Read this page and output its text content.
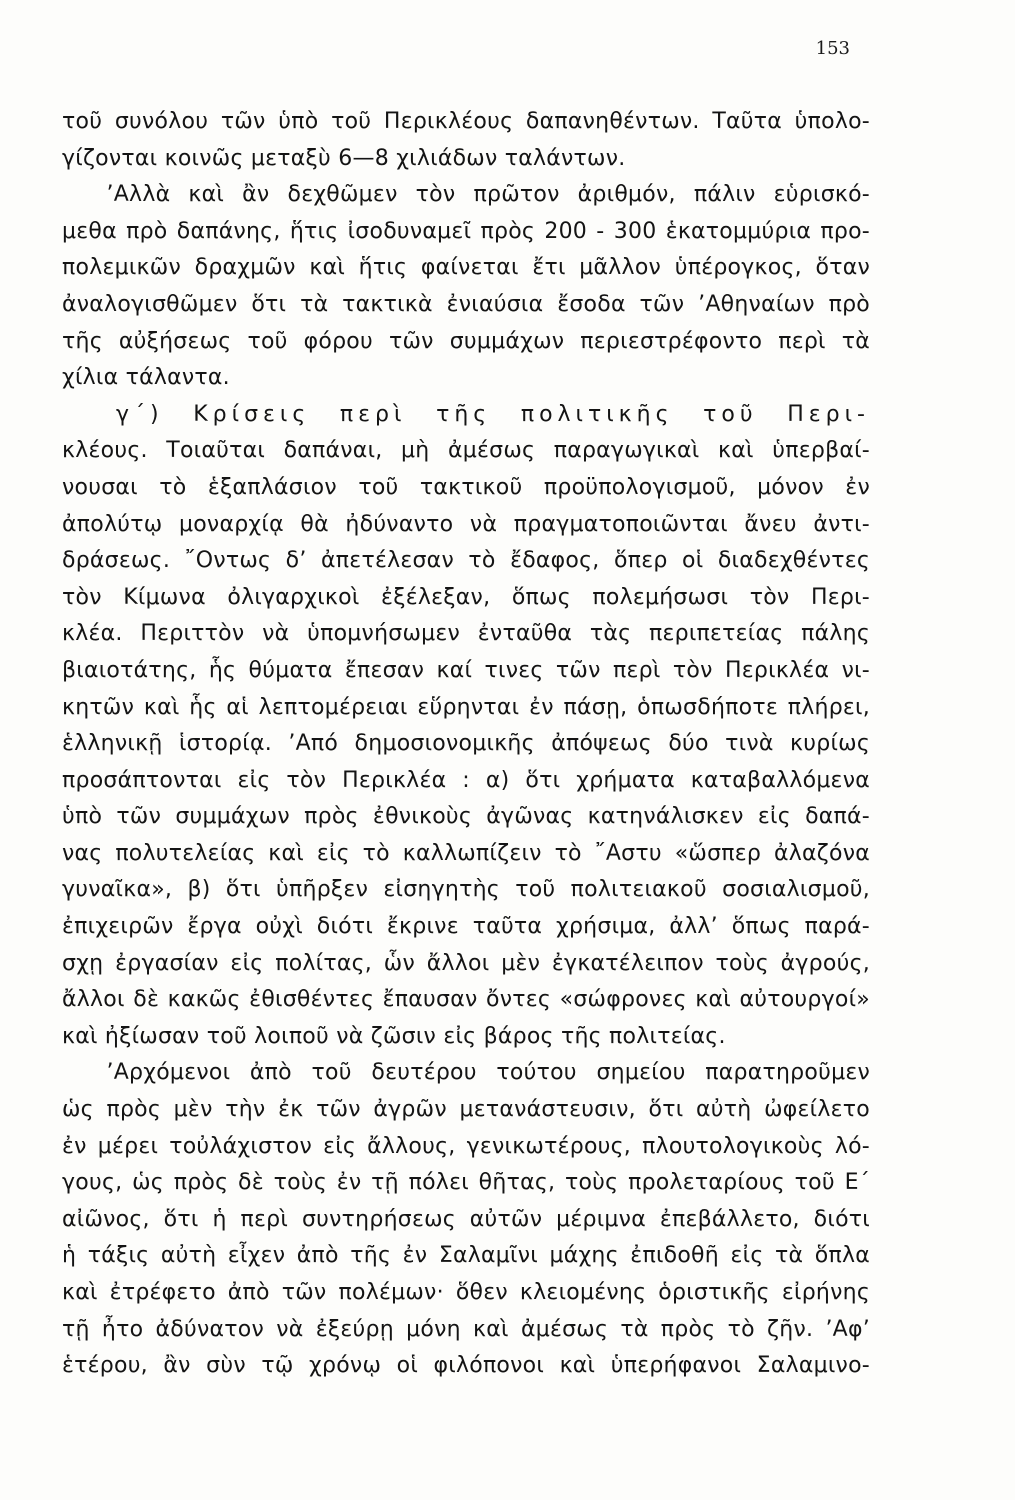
153
τοῦ συνόλου τῶν ὑπὸ τοῦ Περικλέους δαπανηθέντων. Ταῦτα ὑπολο-
γίζονται κοινῶς μεταξὺ 6—8 χιλιάδων ταλάντων.
  ’Αλλὰ καὶ ἂν δεχθῶμεν τὸν πρῶτον ἀριθμόν, πάλιν εὑρισκό-
μεθα πρὸ δαπάνης, ἥτις ἰσοδυναμεῖ πρὸς 200 - 300 ἑκατομμύρια προ-
πολεμικῶν δραχμῶν καὶ ἥτις φαίνεται ἔτι μᾶλλον ὑπέρογκος, ὅταν
ἀναλογισθῶμεν ὅτι τὰ τακτικὰ ἐνιαύσια ἔσοδα τῶν ’Αθηναίων πρὸ
τῆς αὐξήσεως τοῦ φόρου τῶν συμμάχων περιεστρέφοντο περὶ τὰ
χίλια τάλαντα.
  γ΄) Κρίσεις περὶ τῆς πολιτικῆς τοῦ Περι-
κλέους. Τοιαῦται δαπάναι, μὴ ἀμέσως παραγωγικαὶ καὶ ὑπερβαί-
νουσαι τὸ ἑξαπλάσιον τοῦ τακτικοῦ προϋπολογισμοῦ, μόνον ἐν
ἀπολύτῳ μοναρχίᾳ θὰ ἠδύναντο νὰ πραγματοποιῶνται ἄνευ ἀντι-
δράσεως. ῎Οντως δ’ ἀπετέλεσαν τὸ ἔδαφος, ὅπερ οἱ διαδεχθέντες
τὸν Κίμωνα ὀλιγαρχικοὶ ἐξέλεξαν, ὅπως πολεμήσωσι τὸν Περι-
κλέα. Περιττὸν νὰ ὑπομνήσωμεν ἐνταῦθα τὰς περιπετείας πάλης
βιαιοτάτης, ἧς θύματα ἔπεσαν καί τινες τῶν περὶ τὸν Περικλέα νι-
κητῶν καὶ ἧς αἱ λεπτομέρειαι εὕρηνται ἐν πάσῃ, ὁπωσδήποτε πλήρει,
ἑλληνικῇ ἱστορίᾳ. ’Από δημοσιονομικῆς ἀπόψεως δύο τινὰ κυρίως
προσάπτονται εἰς τὸν Περικλέα : α) ὅτι χρήματα καταβαλλόμενα
ὑπὸ τῶν συμμάχων πρὸς ἐθνικοὺς ἀγῶνας κατηνάλισκεν εἰς δαπά-
νας πολυτελείας καὶ εἰς τὸ καλλωπίζειν τὸ ῎Αστυ «ὥσπερ ἀλαζόνα
γυναῖκα», β) ὅτι ὑπῆρξεν εἰσηγητὴς τοῦ πολιτειακοῦ σοσιαλισμοῦ,
ἐπιχειρῶν ἔργα οὐχὶ διότι ἔκρινε ταῦτα χρήσιμα, ἀλλ’ ὅπως παρά-
σχῃ ἐργασίαν εἰς πολίτας, ὧν ἄλλοι μὲν ἐγκατέλειπον τοὺς ἀγρούς,
ἄλλοι δὲ κακῶς ἐθισθέντες ἔπαυσαν ὄντες «σώφρονες καὶ αὐτουργοί»
καὶ ἠξίωσαν τοῦ λοιποῦ νὰ ζῶσιν εἰς βάρος τῆς πολιτείας.
  ’Αρχόμενοι ἀπὸ τοῦ δευτέρου τούτου σημείου παρατηροῦμεν
ὡς πρὸς μὲν τὴν ἐκ τῶν ἀγρῶν μετανάστευσιν, ὅτι αὐτὴ ὠφείλετο
ἐν μέρει τοὐλάχιστον εἰς ἄλλους, γενικωτέρους, πλουτολογικοὺς λό-
γους, ὡς πρὸς δὲ τοὺς ἐν τῇ πόλει θῆτας, τοὺς προλεταρίους τοῦ Ε΄
αἰῶνος, ὅτι ἡ περὶ συντηρήσεως αὐτῶν μέριμνα ἐπεβάλλετο, διότι
ἡ τάξις αὐτὴ εἶχεν ἀπὸ τῆς ἐν Σαλαμῖνι μάχης ἐπιδοθῆ εἰς τὰ ὅπλα
καὶ ἐτρέφετο ἀπὸ τῶν πολέμων· ὅθεν κλειομένης ὁριστικῆς εἰρήνης
τῇ ἦτο ἀδύνατον νὰ ἐξεύρῃ μόνη καὶ ἀμέσως τὰ πρὸς τὸ ζῆν. ’Αφ’
ἑτέρου, ἂν σὺν τῷ χρόνῳ οἱ φιλόπονοι καὶ ὑπερήφανοι Σαλαμινο-
